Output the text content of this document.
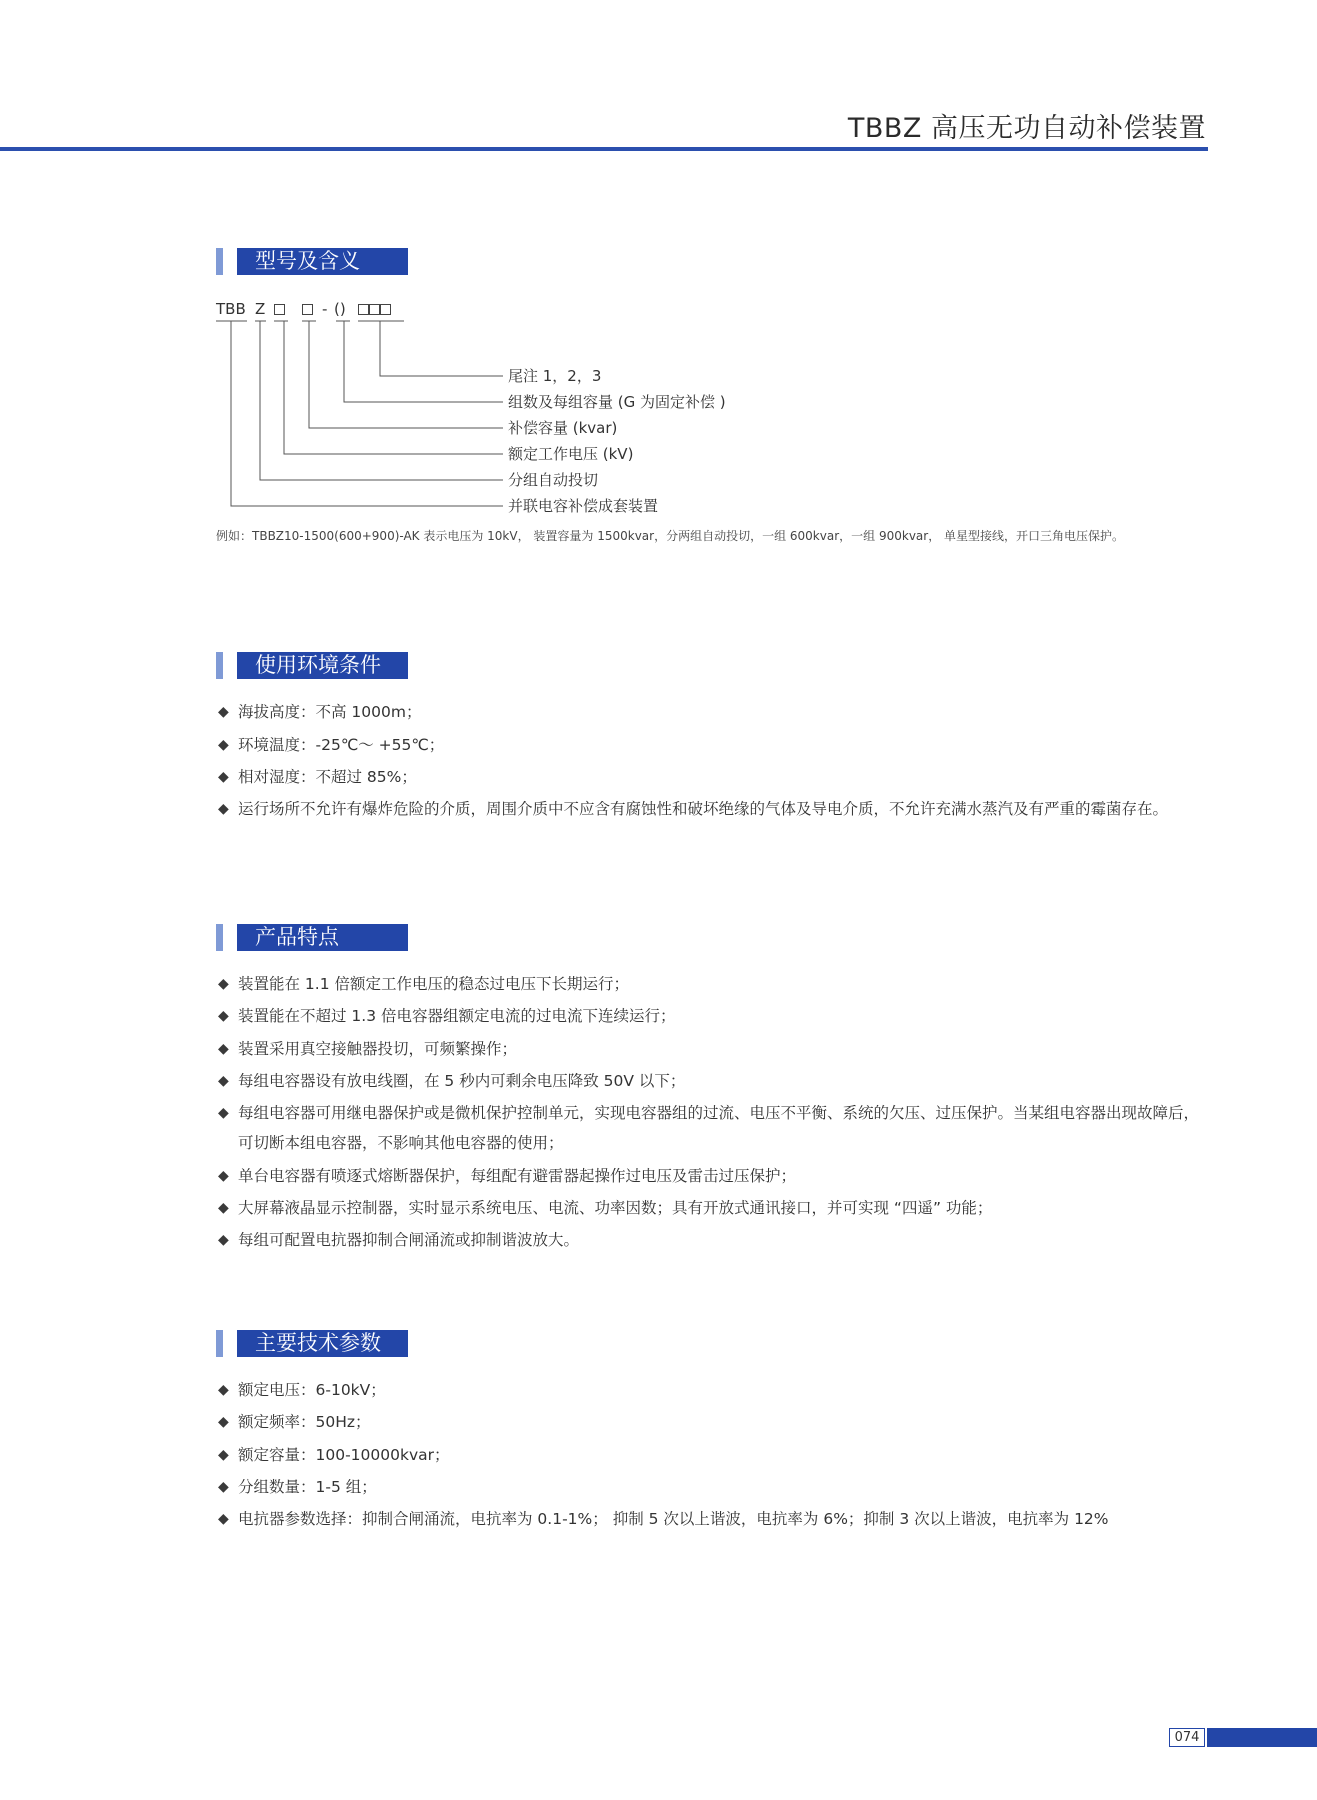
TBBZ 高压无功自动补偿装置
型号及含义
TBB Z	- ()
尾注 1，2，3
组数及每组容量 (G 为固定补偿 )
补偿容量 (kvar)
额定工作电压 (kV)
分组自动投切
并联电容补偿成套装置
例如：TBBZ10-1500(600+900)-AK 表示电压为 10kV， 装置容量为 1500kvar，分两组自动投切，一组 600kvar，一组 900kvar， 单星型接线，开口三角电压保护。
使用环境条件
◆ 海拔高度：不高 1000m；
◆ 环境温度：-25℃～ +55℃；
◆ 相对湿度：不超过 85%；
◆ 运行场所不允许有爆炸危险的介质，周围介质中不应含有腐蚀性和破坏绝缘的气体及导电介质，不允许充满水蒸汽及有严重的霉菌存在。
产品特点
◆ 装置能在 1.1 倍额定工作电压的稳态过电压下长期运行；
◆ 装置能在不超过 1.3 倍电容器组额定电流的过电流下连续运行；
◆ 装置采用真空接触器投切，可频繁操作；
◆ 每组电容器设有放电线圈，在 5 秒内可剩余电压降致 50V 以下；
◆ 每组电容器可用继电器保护或是微机保护控制单元，实现电容器组的过流、电压不平衡、系统的欠压、过压保护。当某组电容器出现故障后，
可切断本组电容器，不影响其他电容器的使用；
◆ 单台电容器有喷逐式熔断器保护，每组配有避雷器起操作过电压及雷击过压保护；
◆ 大屏幕液晶显示控制器，实时显示系统电压、电流、功率因数；具有开放式通讯接口，并可实现 “四遥” 功能；
◆ 每组可配置电抗器抑制合闸涌流或抑制谐波放大。
主要技术参数
◆ 额定电压：6-10kV；
◆ 额定频率：50Hz；
◆ 额定容量：100-10000kvar；
◆ 分组数量：1-5 组；
◆ 电抗器参数选择：抑制合闸涌流，电抗率为 0.1-1%； 抑制 5 次以上谐波，电抗率为 6%；抑制 3 次以上谐波，电抗率为 12%
074
